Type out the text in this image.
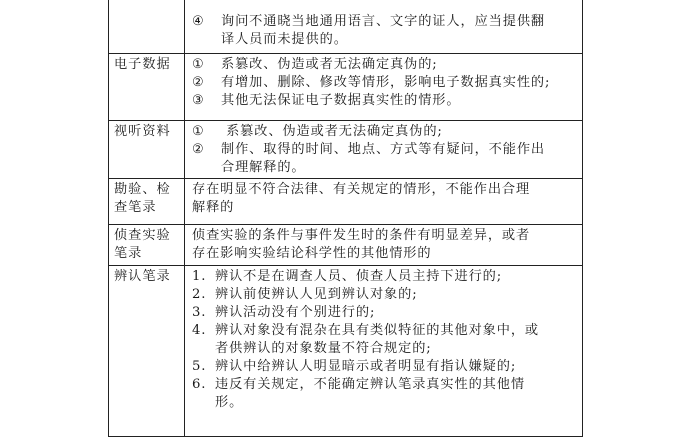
④ 询问不通晓当地通用语言、文字的证人，应当提供翻
译人员而未提供的。
电子数据 ① 系篡改、伪造或者无法确定真伪的;
② 有增加、删除、修改等情形，影响电子数据真实性的;
③ 其他无法保证电子数据真实性的情形。
视听资料 ① 系篡改、伪造或者无法确定真伪的;
② 制作、取得的时间、地点、方式等有疑问，不能作出
合理解释的。
勘验、检
查笔录
存在明显不符合法律、有关规定的情形，不能作出合理
解释的
侦查实验
笔录
侦查实验的条件与事件发生时的条件有明显差异，或者
存在影响实验结论科学性的其他情形的
辨认笔录 1. 辨认不是在调查人员、侦查人员主持下进行的;
2. 辨认前使辨认人见到辨认对象的;
3. 辨认活动没有个别进行的;
4. 辨认对象没有混杂在具有类似特征的其他对象中，或
者供辨认的对象数量不符合规定的;
5. 辨认中给辨认人明显暗示或者明显有指认嫌疑的;
6. 违反有关规定，不能确定辨认笔录真实性的其他情
形。
